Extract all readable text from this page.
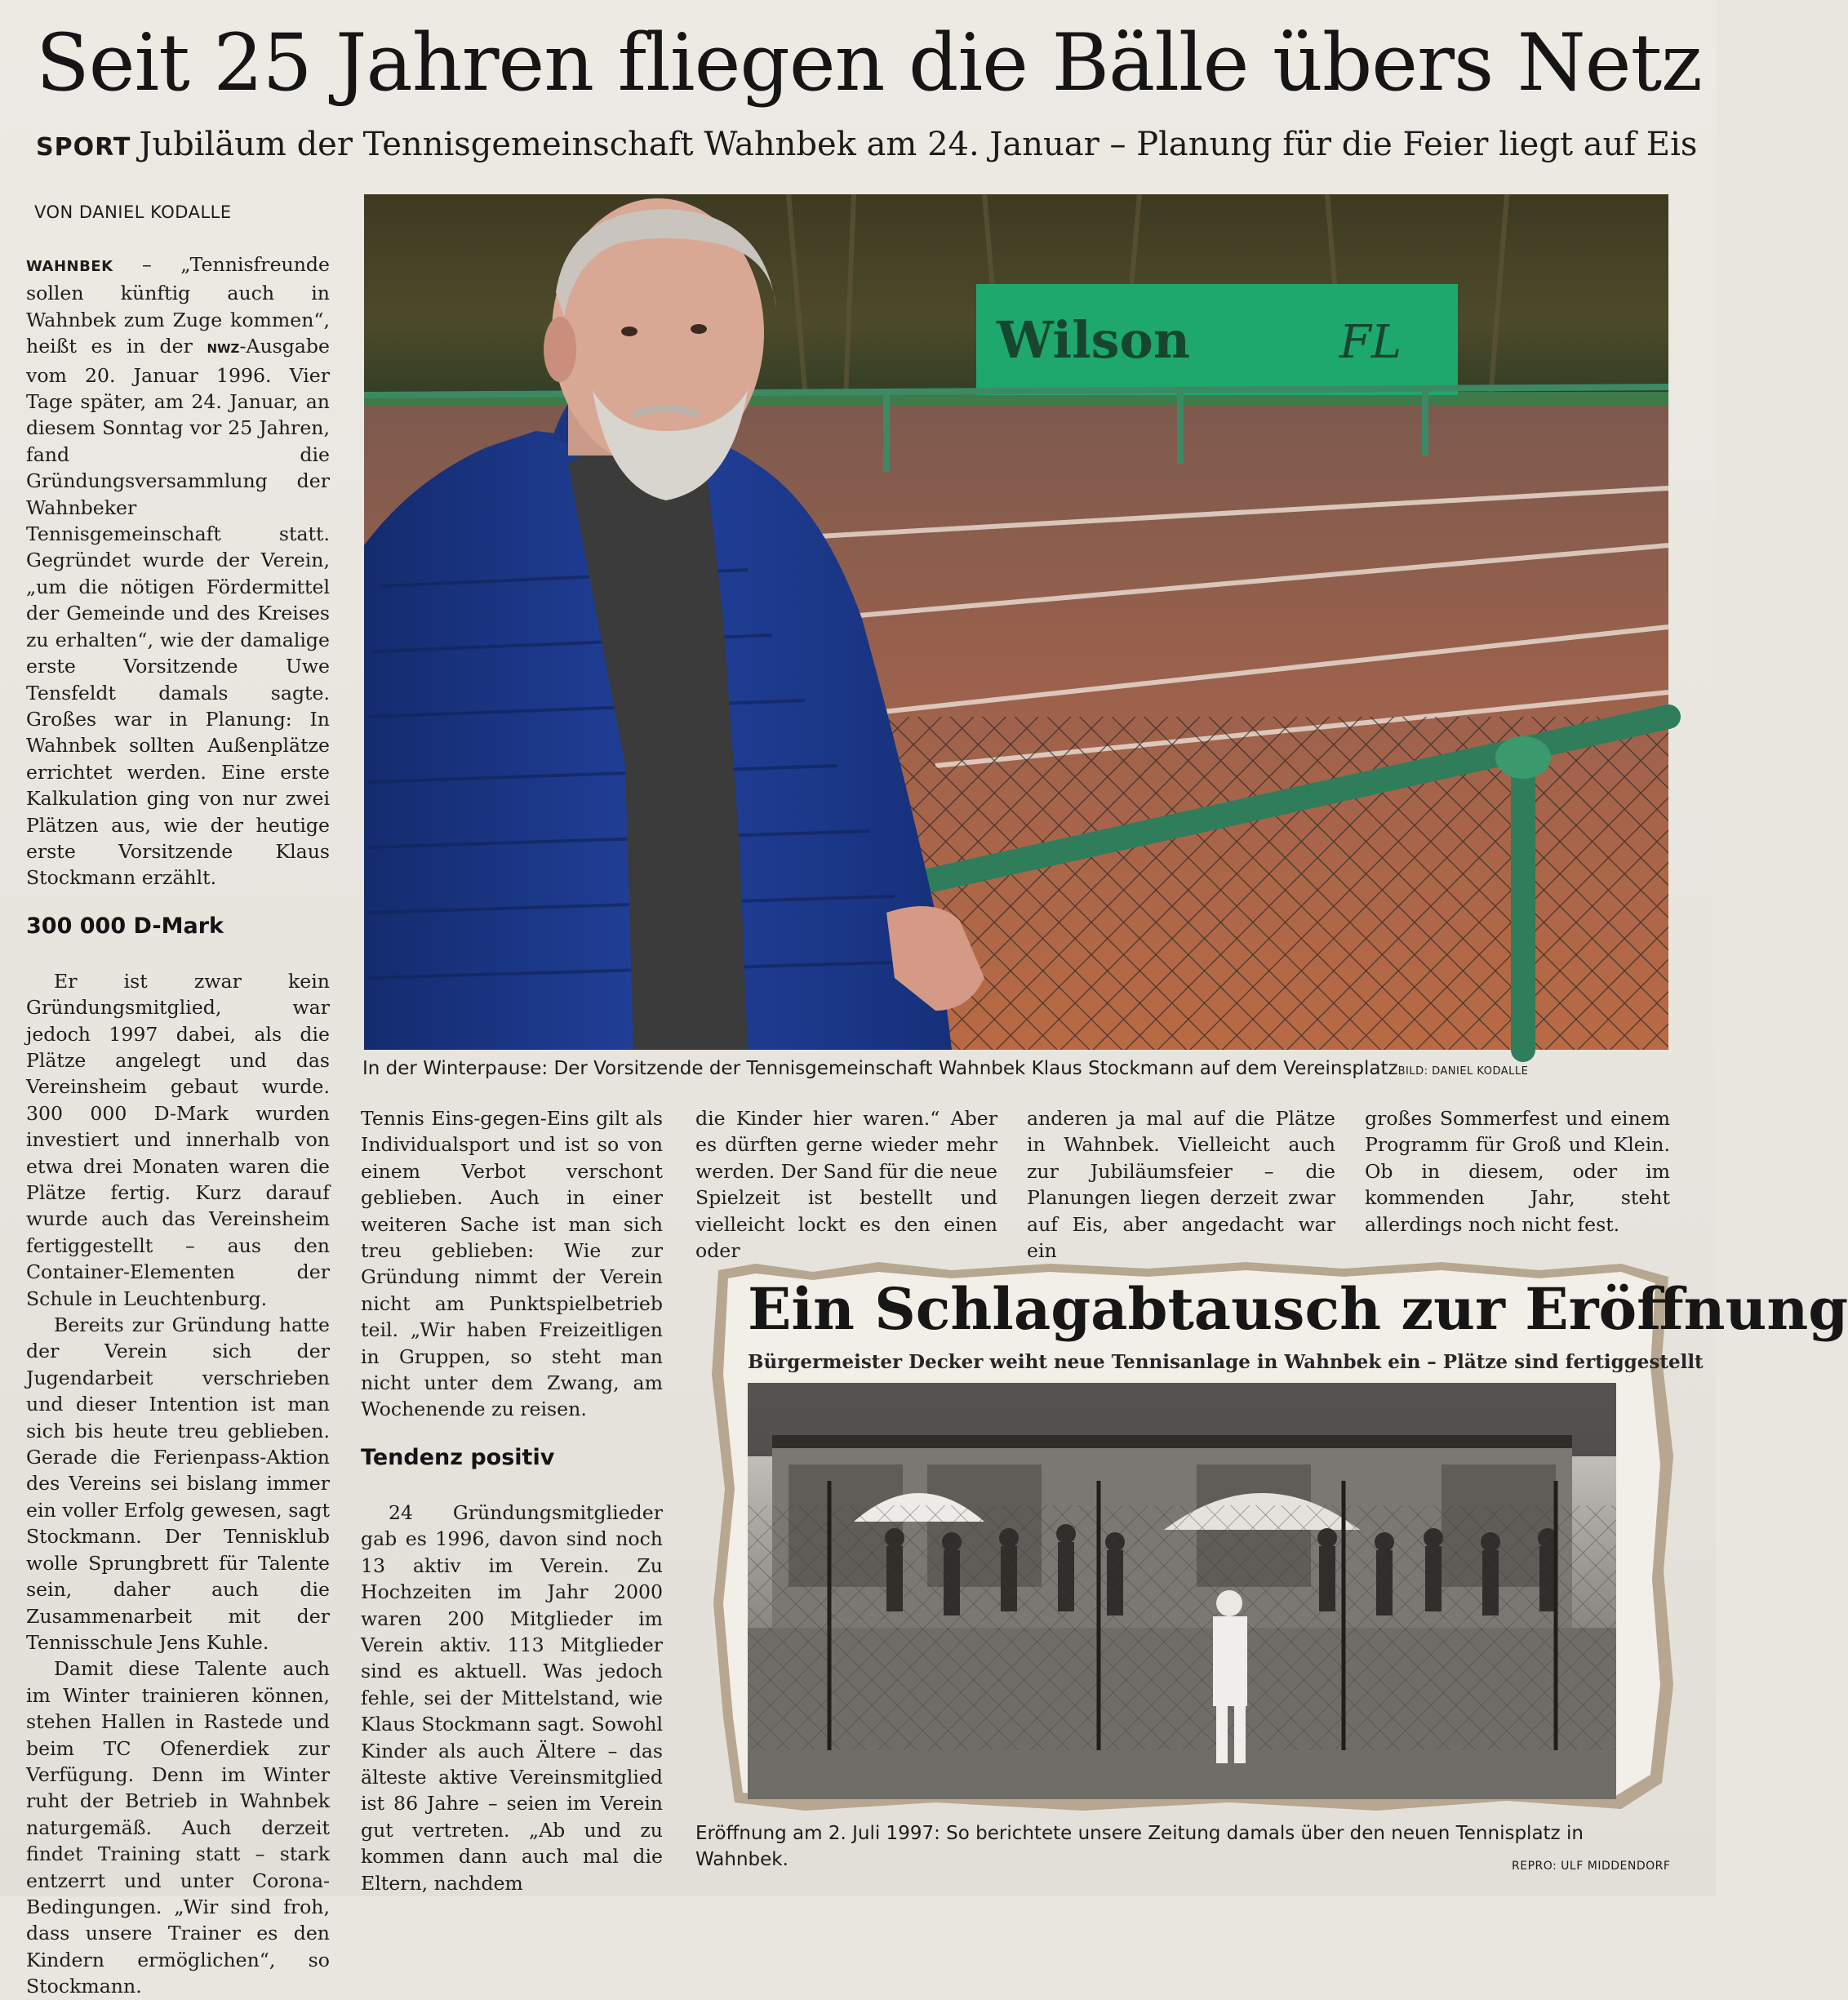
Seit 25 Jahren fliegen die Bälle übers Netz
SPORT Jubiläum der Tennisgemeinschaft Wahnbek am 24. Januar – Planung für die Feier liegt auf Eis
VON DANIEL KODALLE

WAHNBEK – „Tennisfreunde sollen künftig auch in Wahnbek zum Zuge kommen“, heißt es in der NWZ-Ausgabe vom 20. Januar 1996. Vier Tage später, am 24. Januar, an diesem Sonntag vor 25 Jahren, fand die Gründungsversammlung der Wahnbeker Tennisgemeinschaft statt. Gegründet wurde der Verein, „um die nötigen Fördermittel der Gemeinde und des Kreises zu erhalten“, wie der damalige erste Vorsitzende Uwe Tensfeldt damals sagte. Großes war in Planung: In Wahnbek sollten Außenplätze errichtet werden. Eine erste Kalkulation ging von nur zwei Plätzen aus, wie der heutige erste Vorsitzende Klaus Stockmann erzählt.

300 000 D-Mark

Er ist zwar kein Gründungsmitglied, war jedoch 1997 dabei, als die Plätze angelegt und das Vereinsheim gebaut wurde. 300 000 D-Mark wurden investiert und innerhalb von etwa drei Monaten waren die Plätze fertig. Kurz darauf wurde auch das Vereinsheim fertiggestellt – aus den Container-Elementen der Schule in Leuchtenburg.

Bereits zur Gründung hatte der Verein sich der Jugendarbeit verschrieben und dieser Intention ist man sich bis heute treu geblieben. Gerade die Ferienpass-Aktion des Vereins sei bislang immer ein voller Erfolg gewesen, sagt Stockmann. Der Tennisklub wolle Sprungbrett für Talente sein, daher auch die Zusammenarbeit mit der Tennisschule Jens Kuhle.

Damit diese Talente auch im Winter trainieren können, stehen Hallen in Rastede und beim TC Ofenerdiek zur Verfügung. Denn im Winter ruht der Betrieb in Wahnbek naturgemäß. Auch derzeit findet Training statt – stark entzerrt und unter Corona-Bedingungen. „Wir sind froh, dass unsere Trainer es den Kindern ermöglichen“, so Stockmann.

Tennis Eins-gegen-Eins gilt als Individualsport und ist so von einem Verbot verschont geblieben. Auch in einer weiteren Sache ist man sich treu geblieben: Wie zur Gründung nimmt der Verein nicht am Punktspielbetrieb teil. „Wir haben Freizeitligen in Gruppen, so steht man nicht unter dem Zwang, am Wochenende zu reisen.

Tendenz positiv

24 Gründungsmitglieder gab es 1996, davon sind noch 13 aktiv im Verein. Zu Hochzeiten im Jahr 2000 waren 200 Mitglieder im Verein aktiv. 113 Mitglieder sind es aktuell. Was jedoch fehle, sei der Mittelstand, wie Klaus Stockmann sagt. Sowohl Kinder als auch Ältere – das älteste aktive Vereinsmitglied ist 86 Jahre – seien im Verein gut vertreten. „Ab und zu kommen dann auch mal die Eltern, nachdem

die Kinder hier waren.“ Aber es dürften gerne wieder mehr werden. Der Sand für die neue Spielzeit ist bestellt und vielleicht lockt es den einen oder

anderen ja mal auf die Plätze in Wahnbek. Vielleicht auch zur Jubiläumsfeier – die Planungen liegen derzeit zwar auf Eis, aber angedacht war ein

großes Sommerfest und einem Programm für Groß und Klein. Ob in diesem, oder im kommenden Jahr, steht allerdings noch nicht fest.

Wilson	FL
In der Winterpause: Der Vorsitzende der Tennisgemeinschaft Wahnbek Klaus Stockmann auf dem VereinsplatzBILD: DANIEL KODALLE
Ein Schlagabtausch zur Eröffnung
Bürgermeister Decker weiht neue Tennisanlage in Wahnbek ein – Plätze sind fertiggestellt
Eröffnung am 2. Juli 1997: So berichtete unsere Zeitung damals über den neuen Tennisplatz in Wahnbek.	REPRO: ULF MIDDENDORF
